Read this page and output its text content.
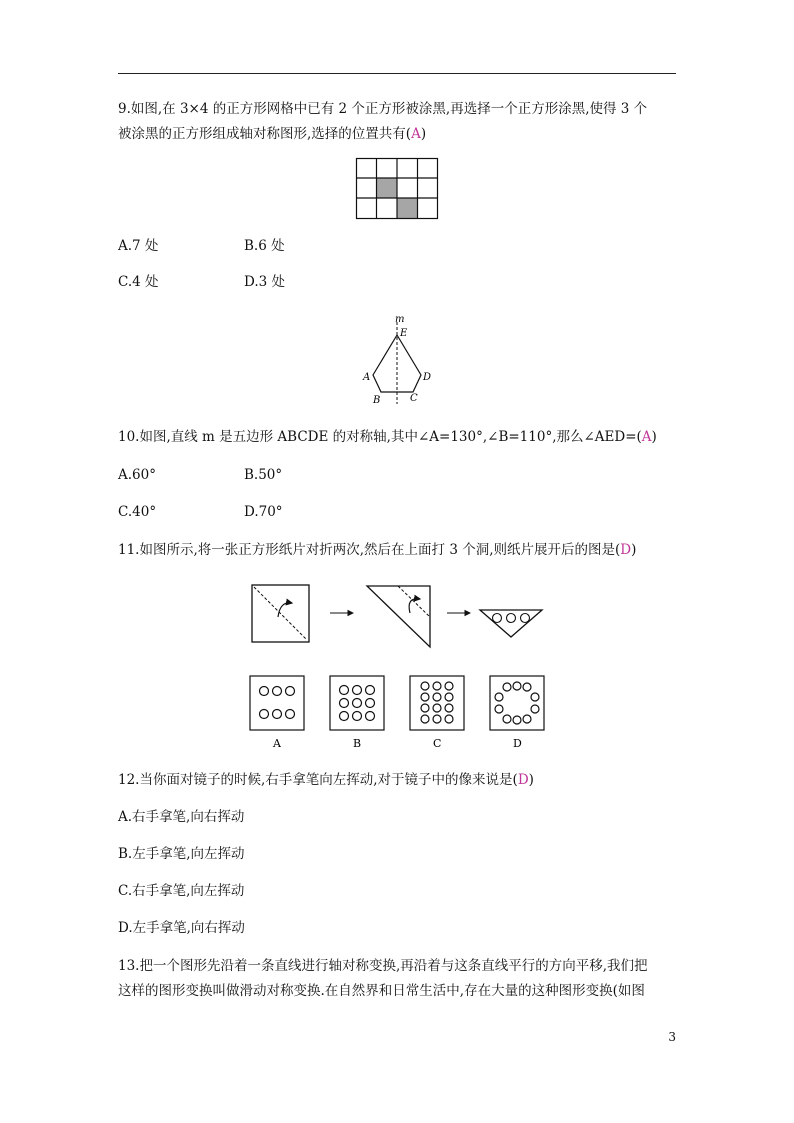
9.如图,在 3×4 的正方形网格中已有 2 个正方形被涂黑,再选择一个正方形涂黑,使得 3 个
被涂黑的正方形组成轴对称图形,选择的位置共有(A)
A.7 处	B.6 处
C.4 处	D.3 处
m
E
A	D
B	C
10.如图,直线 m 是五边形 ABCDE 的对称轴,其中∠A=130°,∠B=110°,那么∠AED=(A)
A.60°	B.50°
C.40°	D.70°
11.如图所示,将一张正方形纸片对折两次,然后在上面打 3 个洞,则纸片展开后的图是(D)
A	B	C	D
12.当你面对镜子的时候,右手拿笔向左挥动,对于镜子中的像来说是(D)
A.右手拿笔,向右挥动
B.左手拿笔,向左挥动
C.右手拿笔,向左挥动
D.左手拿笔,向右挥动
13.把一个图形先沿着一条直线进行轴对称变换,再沿着与这条直线平行的方向平移,我们把
这样的图形变换叫做滑动对称变换.在自然界和日常生活中,存在大量的这种图形变换(如图
3
